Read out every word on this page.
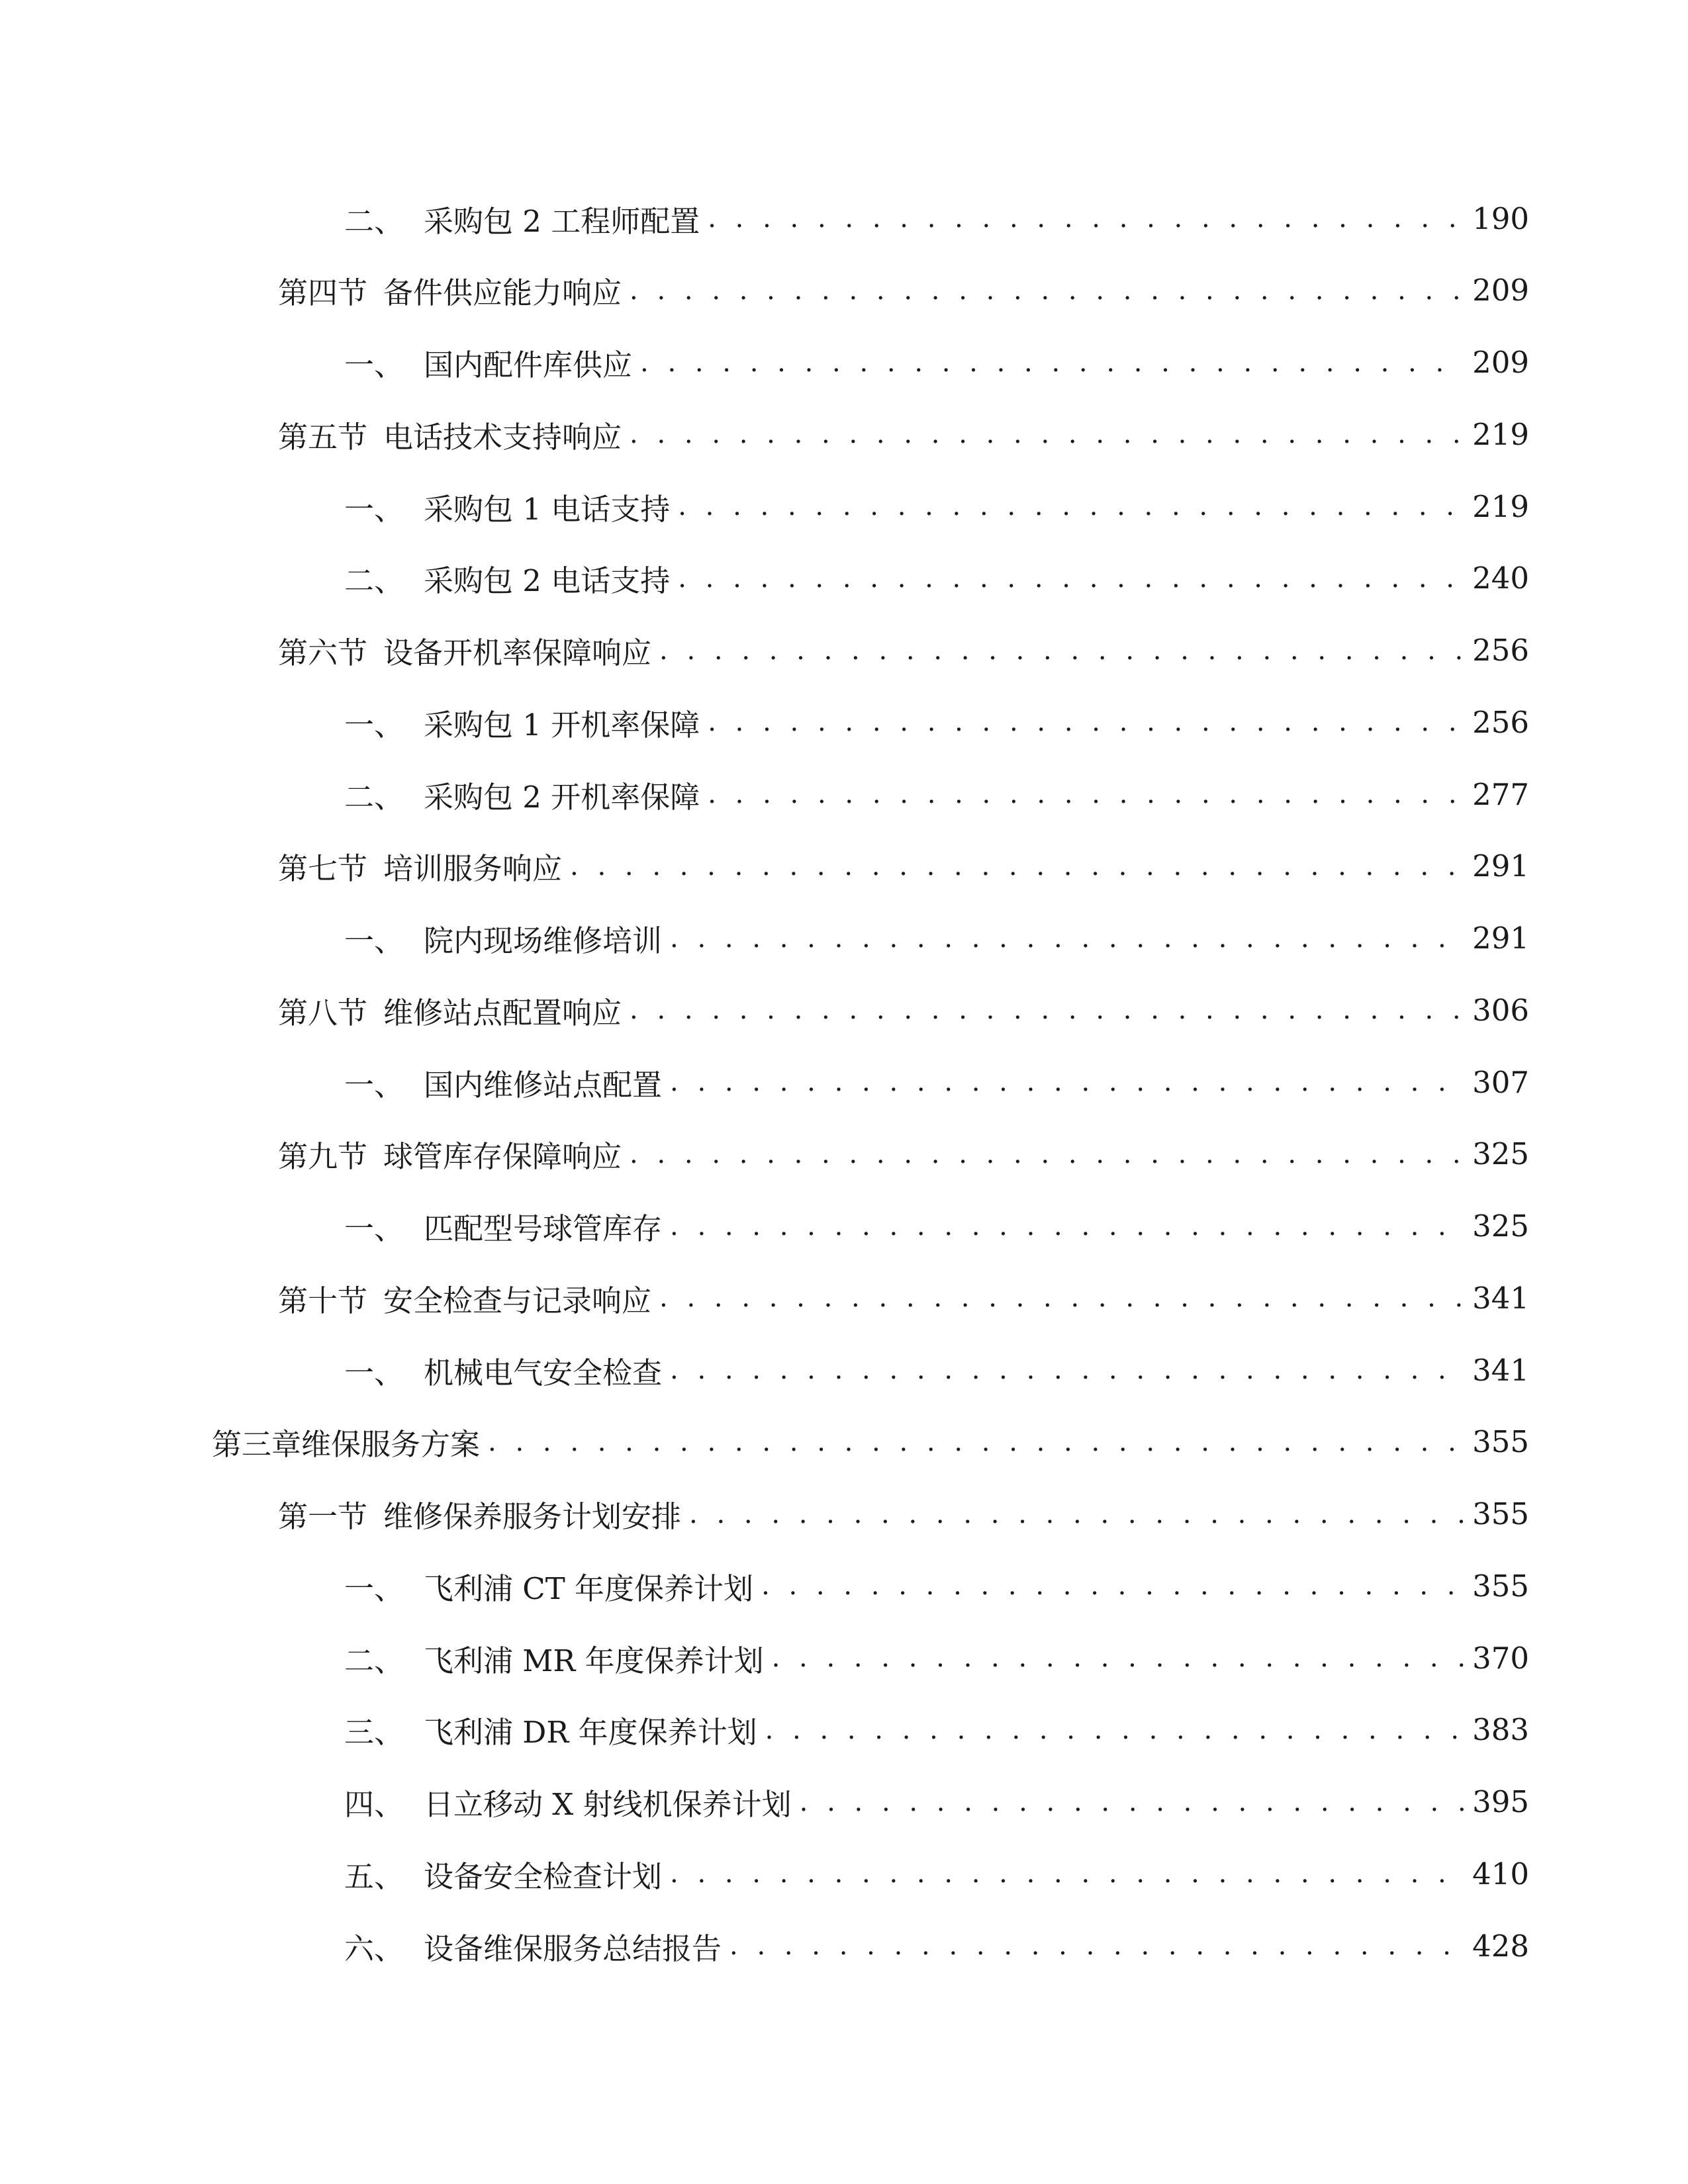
二、 采购包 2 工程师配置 . . .	190
第四节 备件供应能力响应 . . .	209
一、 国内配件库供应 . . .	209
第五节 电话技术支持响应 . . .	219
一、 采购包 1 电话支持 . . .	219
二、 采购包 2 电话支持 . . .	240
第六节 设备开机率保障响应 . . .	256
一、 采购包 1 开机率保障 . . .	256
二、 采购包 2 开机率保障 . . .	277
第七节 培训服务响应 . . .	291
一、 院内现场维修培训 . . .	291
第八节 维修站点配置响应 . . .	306
一、 国内维修站点配置 . . .	307
第九节 球管库存保障响应 . . .	325
一、 匹配型号球管库存 . . .	325
第十节 安全检查与记录响应 . . .	341
一、 机械电气安全检查 . . .	341
第三章 维保服务方案 . . .	355
第一节 维修保养服务计划安排 . . .	355
一、 飞利浦 CT 年度保养计划 . . .	355
二、 飞利浦 MR 年度保养计划 . . .	370
三、 飞利浦 DR 年度保养计划 . . .	383
四、 日立移动 X 射线机保养计划 . . .	395
五、 设备安全检查计划 . . .	410
六、 设备维保服务总结报告 . . .	428
